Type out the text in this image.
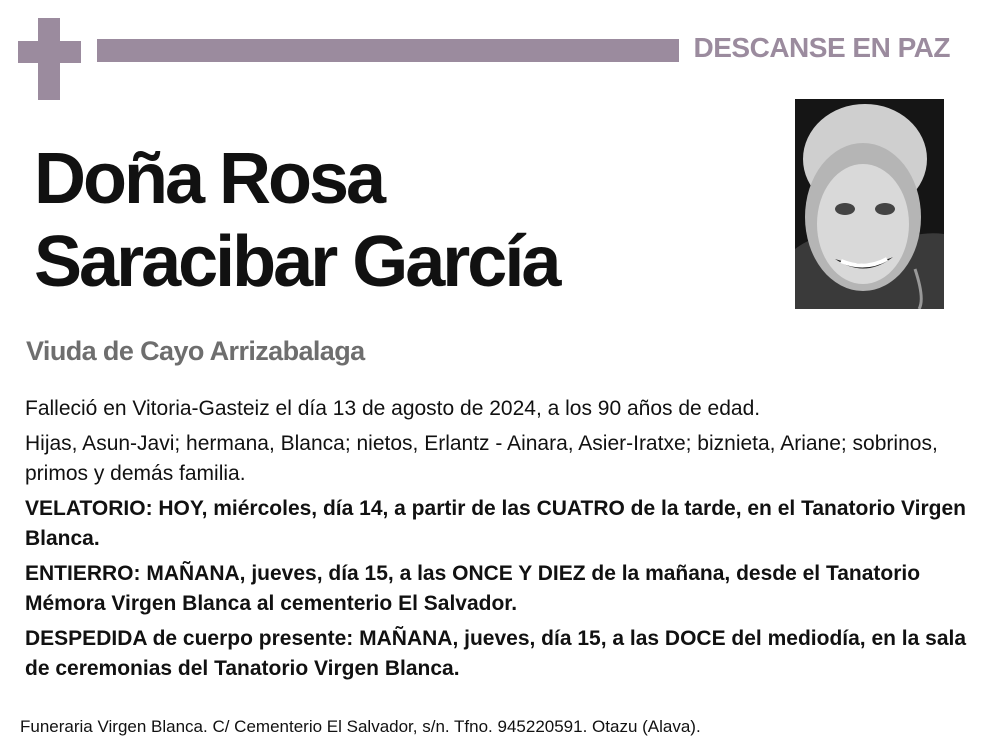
DESCANSE EN PAZ
Doña Rosa
Saracibar García
Viuda de Cayo Arrizabalaga

Falleció en Vitoria-Gasteiz el día 13 de agosto de 2024, a los 90 años de edad.

Hijas, Asun-Javi; hermana, Blanca; nietos, Erlantz - Ainara, Asier-Iratxe; biznieta, Ariane; sobrinos, primos y demás familia.

VELATORIO: HOY, miércoles, día 14, a partir de las CUATRO de la tarde, en el Tanatorio Virgen Blanca.

ENTIERRO: MAÑANA, jueves, día 15, a las ONCE Y DIEZ de la mañana, desde el Tanatorio Mémora Virgen Blanca al cementerio El Salvador.

DESPEDIDA de cuerpo presente: MAÑANA, jueves, día 15, a las DOCE del mediodía, en la sala de ceremonias del Tanatorio Virgen Blanca.

Funeraria Virgen Blanca. C/ Cementerio El Salvador, s/n. Tfno. 945220591. Otazu (Alava).
